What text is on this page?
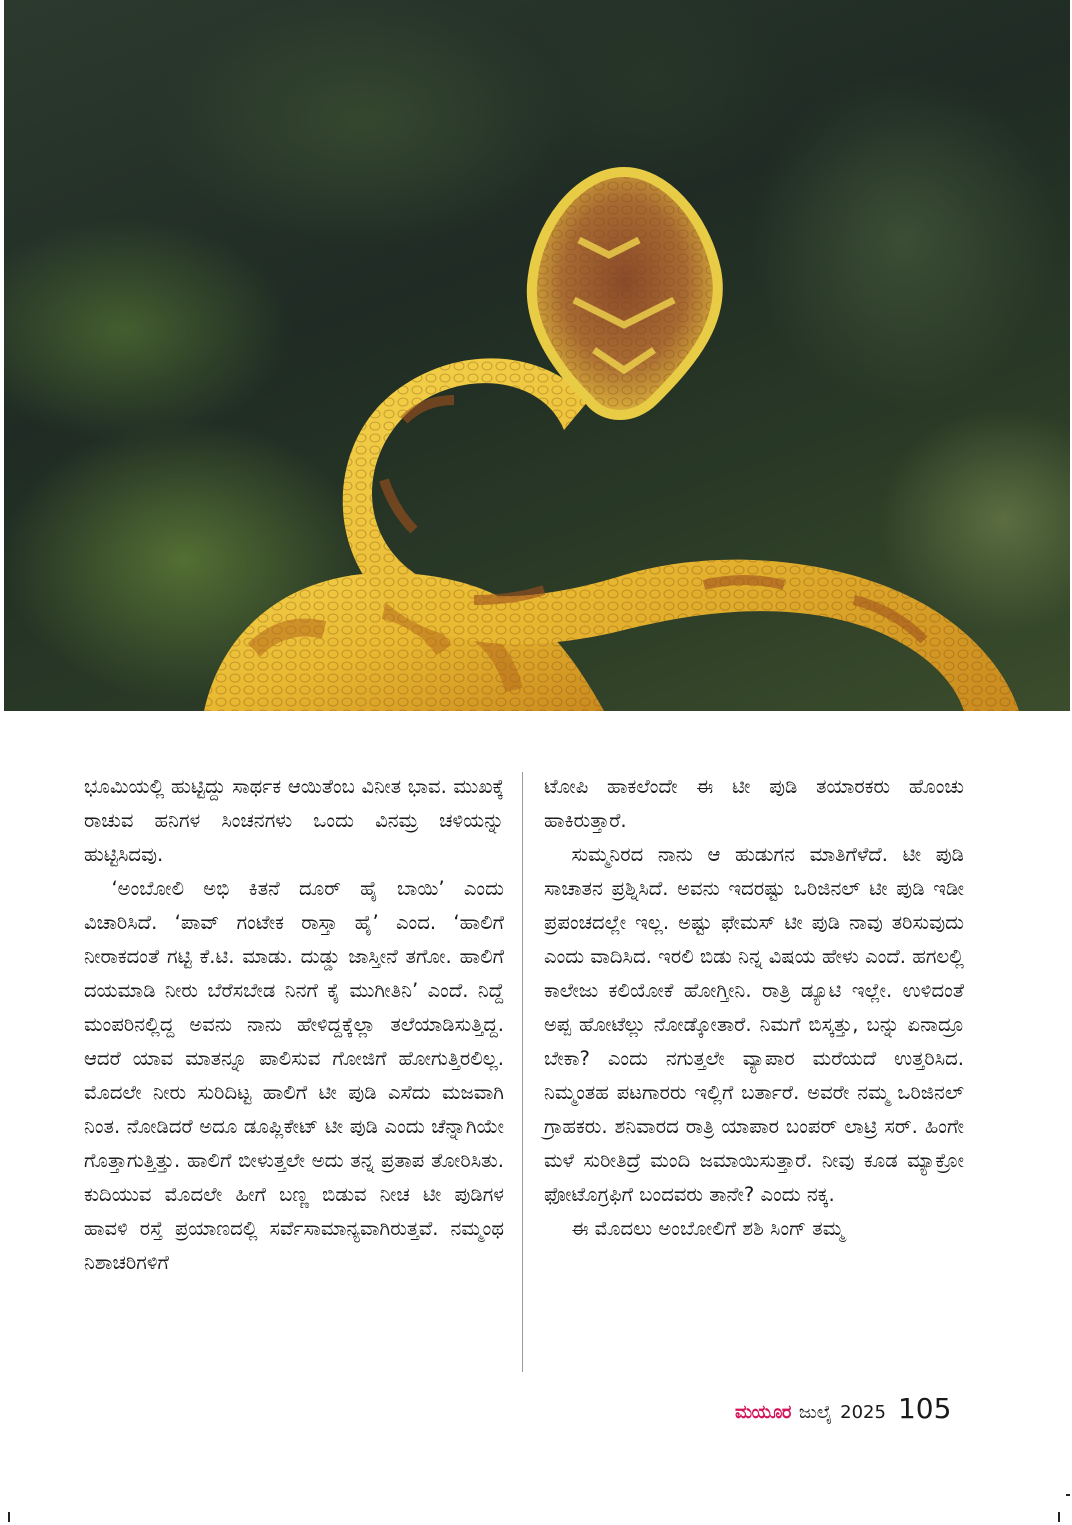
ಭೂಮಿಯಲ್ಲಿ ಹುಟ್ಟಿದ್ದು ಸಾರ್ಥಕ ಆಯಿತೆಂಬ ವಿನೀತ ಭಾವ. ಮುಖಕ್ಕೆ ರಾಚುವ ಹನಿಗಳ ಸಿಂಚನಗಳು ಒಂದು ವಿನಮ್ರ ಚಳಿಯನ್ನು ಹುಟ್ಟಿಸಿದವು.

‘ಅಂಬೋಲಿ ಅಭಿ ಕಿತನೆ ದೂರ್ ಹೈ ಬಾಯಿ’ ಎಂದು ವಿಚಾರಿಸಿದೆ. ‘ಪಾವ್ ಗಂಟೇಕ ರಾಸ್ತಾ ಹೈ’ ಎಂದ. ‘ಹಾಲಿಗೆ ನೀರಾಕದಂತೆ ಗಟ್ಟಿ ಕೆ.ಟಿ. ಮಾಡು. ದುಡ್ಡು ಜಾಸ್ತೀನೆ ತಗೋ. ಹಾಲಿಗೆ ದಯಮಾಡಿ ನೀರು ಬೆರೆಸಬೇಡ ನಿನಗೆ ಕೈ ಮುಗೀತಿನಿ’ ಎಂದೆ. ನಿದ್ದೆ ಮಂಪರಿನಲ್ಲಿದ್ದ ಅವನು ನಾನು ಹೇಳಿದ್ದಕ್ಕೆಲ್ಲಾ ತಲೆಯಾಡಿಸುತ್ತಿದ್ದ. ಆದರೆ ಯಾವ ಮಾತನ್ನೂ ಪಾಲಿಸುವ ಗೋಜಿಗೆ ಹೋಗುತ್ತಿರಲಿಲ್ಲ. ಮೊದಲೇ ನೀರು ಸುರಿದಿಟ್ಟ ಹಾಲಿಗೆ ಟೀ ಪುಡಿ ಎಸೆದು ಮಜವಾಗಿ ನಿಂತ. ನೋಡಿದರೆ ಅದೂ ಡೂಪ್ಲಿಕೇಟ್ ಟೀ ಪುಡಿ ಎಂದು ಚೆನ್ನಾಗಿಯೇ ಗೊತ್ತಾಗುತ್ತಿತ್ತು. ಹಾಲಿಗೆ ಬೀಳುತ್ತಲೇ ಅದು ತನ್ನ ಪ್ರತಾಪ ತೋರಿಸಿತು. ಕುದಿಯುವ ಮೊದಲೇ ಹೀಗೆ ಬಣ್ಣ ಬಿಡುವ ನೀಚ ಟೀ ಪುಡಿಗಳ ಹಾವಳಿ ರಸ್ತೆ ಪ್ರಯಾಣದಲ್ಲಿ ಸರ್ವೆಸಾಮಾನ್ಯವಾಗಿರುತ್ತವೆ. ನಮ್ಮಂಥ ನಿಶಾಚರಿಗಳಿಗೆ

ಟೋಪಿ ಹಾಕಲೆಂದೇ ಈ ಟೀ ಪುಡಿ ತಯಾರಕರು ಹೊಂಚು ಹಾಕಿರುತ್ತಾರೆ.

ಸುಮ್ಮನಿರದ ನಾನು ಆ ಹುಡುಗನ ಮಾತಿಗೆಳೆದೆ. ಟೀ ಪುಡಿ ಸಾಚಾತನ ಪ್ರಶ್ನಿಸಿದೆ. ಅವನು ಇದರಷ್ಟು ಒರಿಜಿನಲ್ ಟೀ ಪುಡಿ ಇಡೀ ಪ್ರಪಂಚದಲ್ಲೇ ಇಲ್ಲ. ಅಷ್ಟು ಫೇಮಸ್ ಟೀ ಪುಡಿ ನಾವು ತರಿಸುವುದು ಎಂದು ವಾದಿಸಿದ. ಇರಲಿ ಬಿಡು ನಿನ್ನ ವಿಷಯ ಹೇಳು ಎಂದೆ. ಹಗಲಲ್ಲಿ ಕಾಲೇಜು ಕಲಿಯೋಕೆ ಹೋಗ್ತೀನಿ. ರಾತ್ರಿ ಡ್ಯೂಟಿ ಇಲ್ಲೇ. ಉಳಿದಂತೆ ಅಪ್ಪ ಹೋಟೆಲ್ಲು ನೋಡ್ಕೋತಾರೆ. ನಿಮಗೆ ಬಿಸ್ಕತ್ತು, ಬನ್ನು ಏನಾದ್ರೂ ಬೇಕಾ? ಎಂದು ನಗುತ್ತಲೇ ವ್ಯಾಪಾರ ಮರೆಯದೆ ಉತ್ತರಿಸಿದ. ನಿಮ್ಮಂತಹ ಪಟಗಾರರು ಇಲ್ಲಿಗೆ ಬರ್ತಾರೆ. ಅವರೇ ನಮ್ಮ ಒರಿಜಿನಲ್ ಗ್ರಾಹಕರು. ಶನಿವಾರದ ರಾತ್ರಿ ಯಾಪಾರ ಬಂಪರ್ ಲಾಟ್ರಿ ಸರ್. ಹಿಂಗೇ ಮಳೆ ಸುರೀತಿದ್ರೆ ಮಂದಿ ಜಮಾಯಿಸುತ್ತಾರೆ. ನೀವು ಕೂಡ ಮ್ಯಾಕ್ರೋ ಫೋಟೊಗ್ರಫಿಗೆ ಬಂದವರು ತಾನೇ? ಎಂದು ನಕ್ಕ.

ಈ ಮೊದಲು ಅಂಬೋಲಿಗೆ ಶಶಿ ಸಿಂಗ್ ತಮ್ಮ

ಮಯೂರ ಜುಲೈ 2025 105
